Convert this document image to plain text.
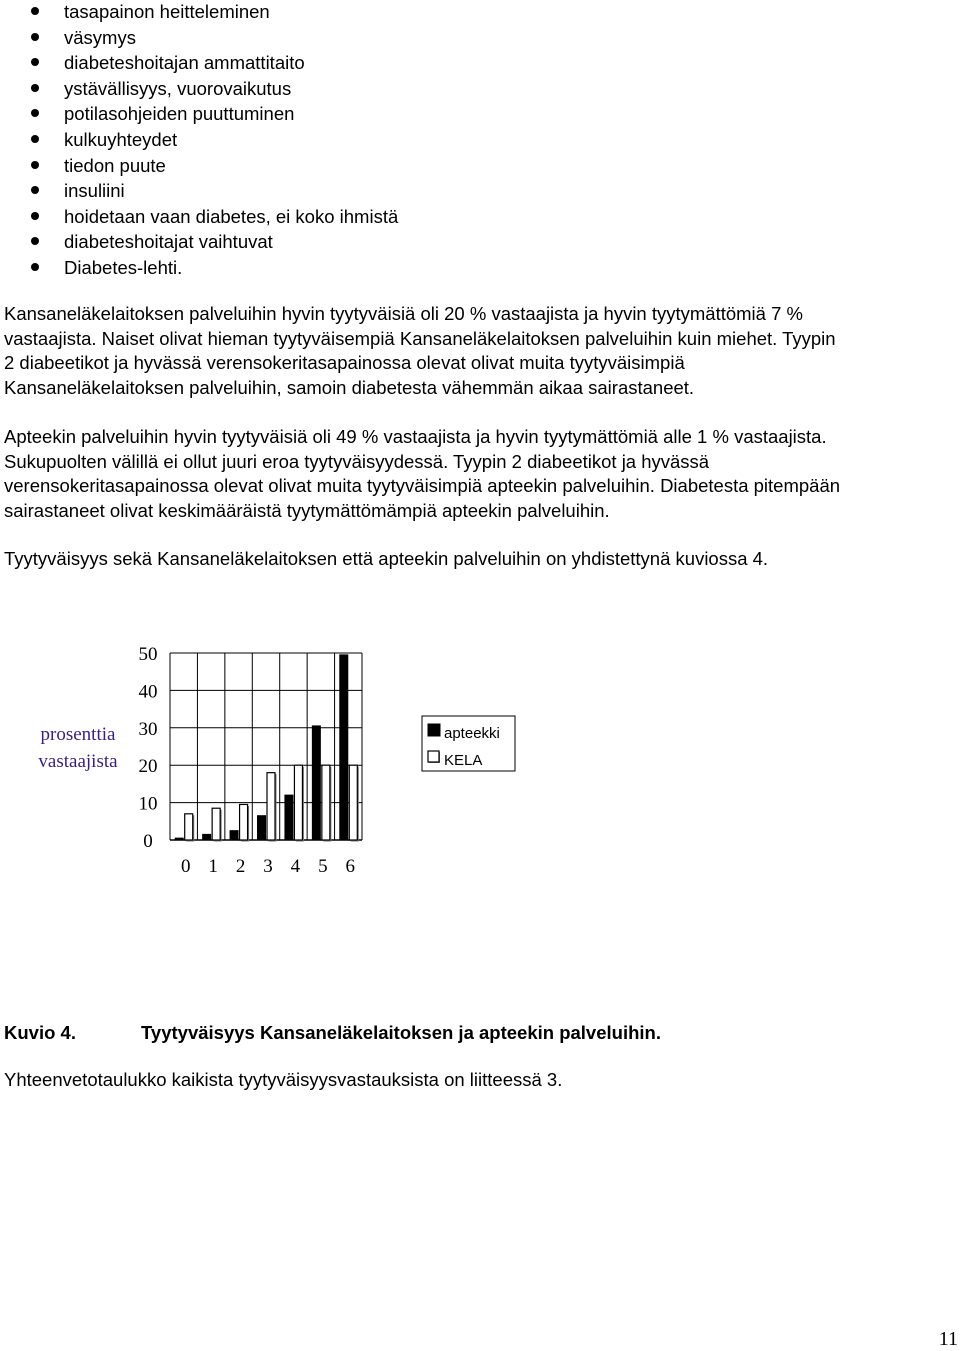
tasapainon heitteleminen
väsymys
diabeteshoitajan ammattitaito
ystävällisyys, vuorovaikutus
potilasohjeiden puuttuminen
kulkuyhteydet
tiedon puute
insuliini
hoidetaan vaan diabetes, ei koko ihmistä
diabeteshoitajat vaihtuvat
Diabetes-lehti.

Kansaneläkelaitoksen palveluihin hyvin tyytyväisiä oli 20 % vastaajista ja hyvin tyytymättömiä 7 %
vastaajista. Naiset olivat hieman tyytyväisempiä Kansaneläkelaitoksen palveluihin kuin miehet. Tyypin
2 diabeetikot ja hyvässä verensokeritasapainossa olevat olivat muita tyytyväisimpiä
Kansaneläkelaitoksen palveluihin, samoin diabetesta vähemmän aikaa sairastaneet.

Apteekin palveluihin hyvin tyytyväisiä oli 49 % vastaajista ja hyvin tyytymättömiä alle 1 % vastaajista.
Sukupuolten välillä ei ollut juuri eroa tyytyväisyydessä. Tyypin 2 diabeetikot ja hyvässä
verensokeritasapainossa olevat olivat muita tyytyväisimpiä apteekin palveluihin. Diabetesta pitempään
sairastaneet olivat keskimääräistä tyytymättömämpiä apteekin palveluihin.

Tyytyväisyys sekä Kansaneläkelaitoksen että apteekin palveluihin on yhdistettynä kuviossa 4.

0
10
20
30
40
50
prosenttia
vastaajista
0 1 2 3 4 5 6
apteekki
KELA
Kuvio 4.	Tyytyväisyys Kansaneläkelaitoksen ja apteekin palveluihin.
Yhteenvetotaulukko kaikista tyytyväisyysvastauksista on liitteessä 3.
11
